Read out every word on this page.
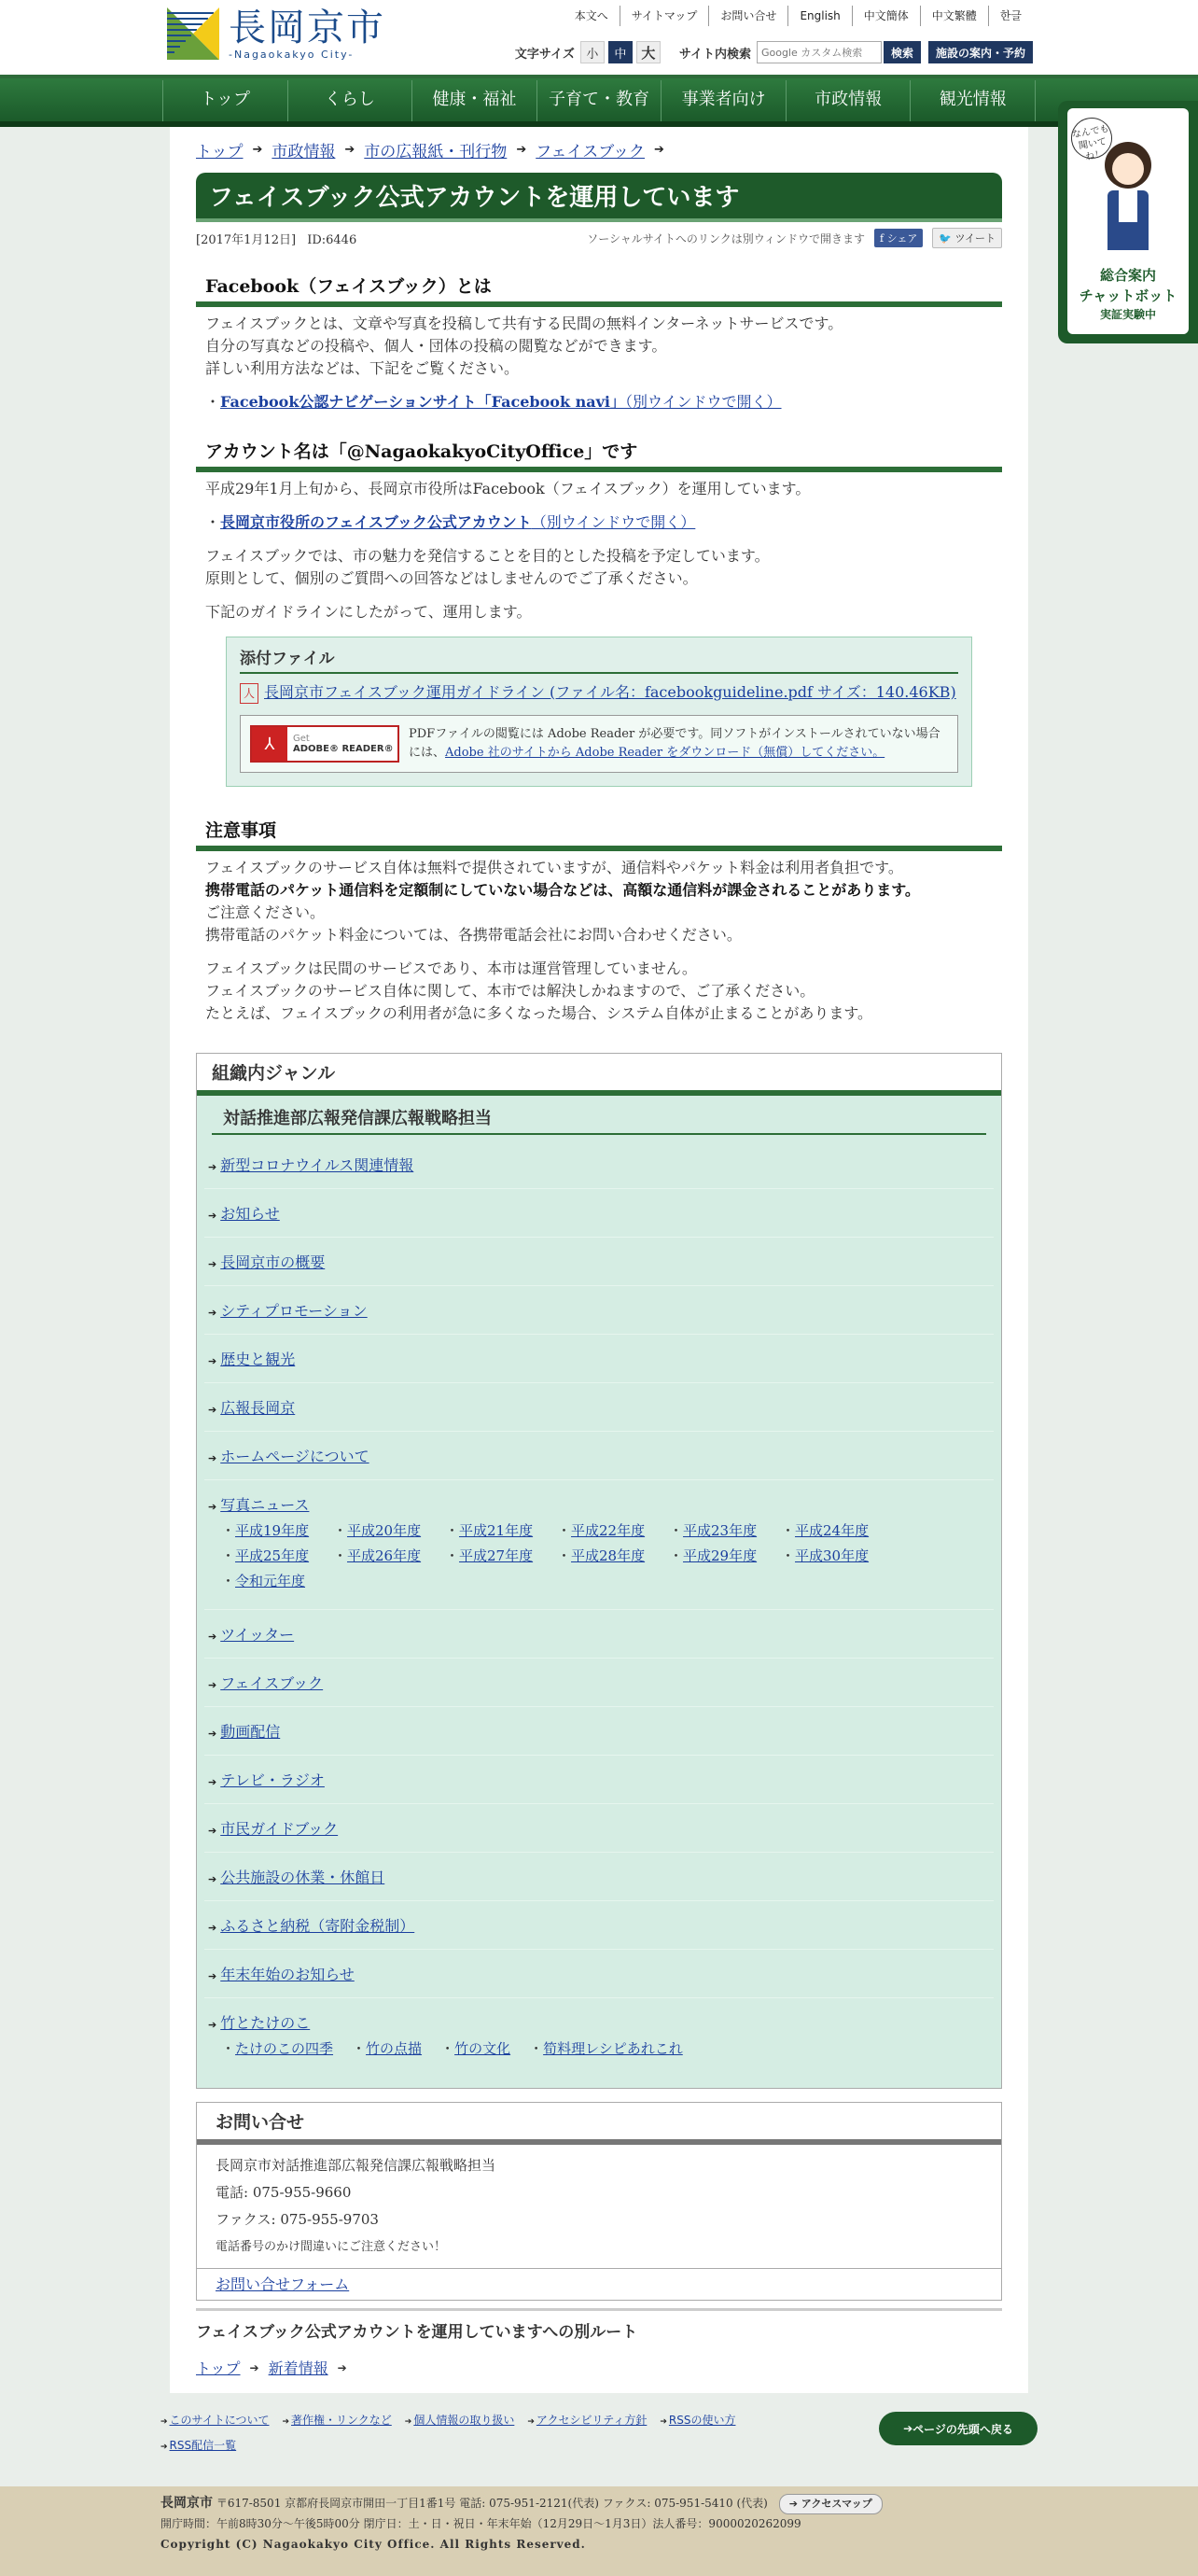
長岡京市
-Nagaokakyo City-
本文へ	サイトマップ	お問い合せ	English	中文簡体	中文繁體	한글
文字サイズ 小	中	大	サイト内検索
Google カスタム検索	検索	施設の案内・予約
トップ	くらし	健康・福祉	子育て・教育	事業者向け	市政情報	観光情報
トップ ➔ 市政情報 ➔ 市の広報紙・刊行物 ➔ フェイスブック ➔
フェイスブック公式アカウントを運用しています
[2017年1月12日] ID:6446	ソーシャルサイトへのリンクは別ウィンドウで開きます	f シェア	🐦 ツイート
Facebook（フェイスブック）とは

フェイスブックとは、文章や写真を投稿して共有する民間の無料インターネットサービスです。

自分の写真などの投稿や、個人・団体の投稿の閲覧などができます。

詳しい利用方法などは、下記をご覧ください。

・Facebook公認ナビゲーションサイト「Facebook navi」（別ウインドウで開く）

アカウント名は「@NagaokakyoCityOffice」です

平成29年1月上旬から、長岡京市役所はFacebook（フェイスブック）を運用しています。

・長岡京市役所のフェイスブック公式アカウント（別ウインドウで開く）

フェイスブックでは、市の魅力を発信することを目的とした投稿を予定しています。

原則として、個別のご質問への回答などはしませんのでご了承ください。

下記のガイドラインにしたがって、運用します。

添付ファイル
人 長岡京市フェイスブック運用ガイドライン (ファイル名：facebookguideline.pdf サイズ：140.46KB)
⅄	Get
ADOBE® READER®
PDFファイルの閲覧には Adobe Reader が必要です。同ソフトがインストールされていない場合には、Adobe 社のサイトから Adobe Reader をダウンロード（無償）してください。
注意事項

フェイスブックのサービス自体は無料で提供されていますが、通信料やパケット料金は利用者負担です。

携帯電話のパケット通信料を定額制にしていない場合などは、高額な通信料が課金されることがあります。

ご注意ください。

携帯電話のパケット料金については、各携帯電話会社にお問い合わせください。

フェイスブックは民間のサービスであり、本市は運営管理していません。

フェイスブックのサービス自体に関して、本市では解決しかねますので、ご了承ください。

たとえば、フェイスブックの利用者が急に多くなった場合、システム自体が止まることがあります。

組織内ジャンル
対話推進部広報発信課広報戦略担当
➔ 新型コロナウイルス関連情報
➔ お知らせ
➔ 長岡京市の概要
➔ シティプロモーション
➔ 歴史と観光
➔ 広報長岡京
➔ ホームページについて
➔ 写真ニュース
・ 平成19年度	・ 平成20年度	・ 平成21年度	・ 平成22年度	・ 平成23年度	・ 平成24年度
・ 平成25年度	・ 平成26年度	・ 平成27年度	・ 平成28年度	・ 平成29年度	・ 平成30年度
・ 令和元年度
➔ ツイッター
➔ フェイスブック
➔ 動画配信
➔ テレビ・ラジオ
➔ 市民ガイドブック
➔ 公共施設の休業・休館日
➔ ふるさと納税（寄附金税制）
➔ 年末年始のお知らせ
➔ 竹とたけのこ
・ たけのこの四季	・ 竹の点描	・ 竹の文化	・ 筍料理レシピあれこれ
お問い合せ
長岡京市対話推進部広報発信課広報戦略担当
電話: 075-955-9660
ファクス: 075-955-9703
電話番号のかけ間違いにご注意ください！
お問い合せフォーム
フェイスブック公式アカウントを運用していますへの別ルート
トップ ➔ 新着情報 ➔
なんでも聞いてね！
総合案内
チャットボット
実証実験中
➔ このサイトについて	➔ 著作権・リンクなど	➔ 個人情報の取り扱い	➔ アクセシビリティ方針	➔ RSSの使い方
➔ RSS配信一覧
➔ ページの先頭へ戻る
長岡京市 〒617-8501 京都府長岡京市開田一丁目1番1号 電話: 075-951-2121(代表) ファクス: 075-951-5410 (代表) ➔ アクセスマップ
開庁時間：午前8時30分～午後5時00分 閉庁日：土・日・祝日・年末年始（12月29日～1月3日）法人番号：9000020262099
Copyright (C) Nagaokakyo City Office. All Rights Reserved.
